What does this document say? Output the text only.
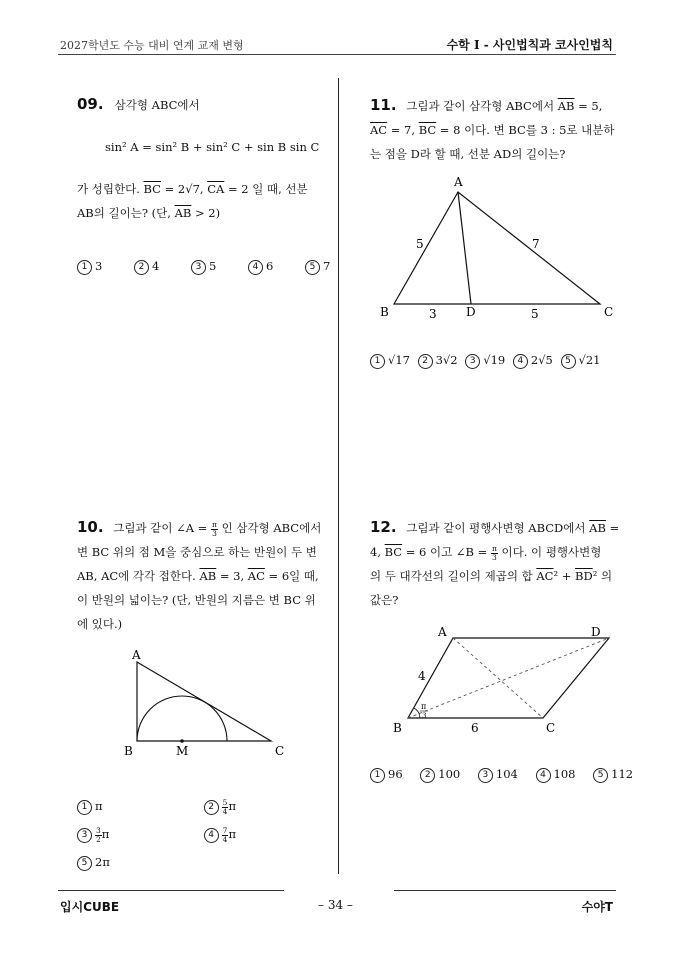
2027학년도 수능 대비 연계 교재 변형	수학 I - 사인법칙과 코사인법칙
09. 삼각형 ABC에서
sin² A = sin² B + sin² C + sin B sin C
가 성립한다. $\overline{BC} = 2√7$, $\overline{CA} = 2$ 일 때, 선분
AB의 길이는? (단, $\overline{AB} > 2$)
1 3	2 4	3 5	4 6	5 7
11. 그림과 같이 삼각형 ABC에서 $\overline{AB} = 5$,
$\overline{AC} = 7$, $\overline{BC} = 8$ 이다. 변 BC를 3 : 5로 내분하
는 점을 D라 할 때, 선분 AD의 길이는?
A
B	C
D
5	7
3	5
1 √17 2 3√2 3 √19 4 2√5 5 √21
10. 그림과 같이 ∠A = $\frac{\pi}{3}$ 인 삼각형 ABC에서
변 BC 위의 점 M을 중심으로 하는 반원이 두 변
AB, AC에 각각 접한다. $\overline{AB} = 3$, $\overline{AC} = 6$일 때,
이 반원의 넓이는? (단, 반원의 지름은 변 BC 위
에 있다.)
A
B	M	C
1 π	$2 \frac{5}{4}$ π
$3 \frac{3}{2}$ π	$4 \frac{7}{4}$ π
5 2π
12. 그림과 같이 평행사변형 ABCD에서 $\overline{AB}$ =
4, $\overline{BC} = 6$ 이고 ∠B = $\frac{\pi}{3}$ 이다. 이 평행사변형
의 두 대각선의 길이의 제곱의 합 $\overline{AC}^2 + \overline{BD}^2$ 의
값은?
A	D
B	C
4
6
π
3
1 96 2 100 3 104 4 108 5 112
입시CUBE	– 34 –	수야T
